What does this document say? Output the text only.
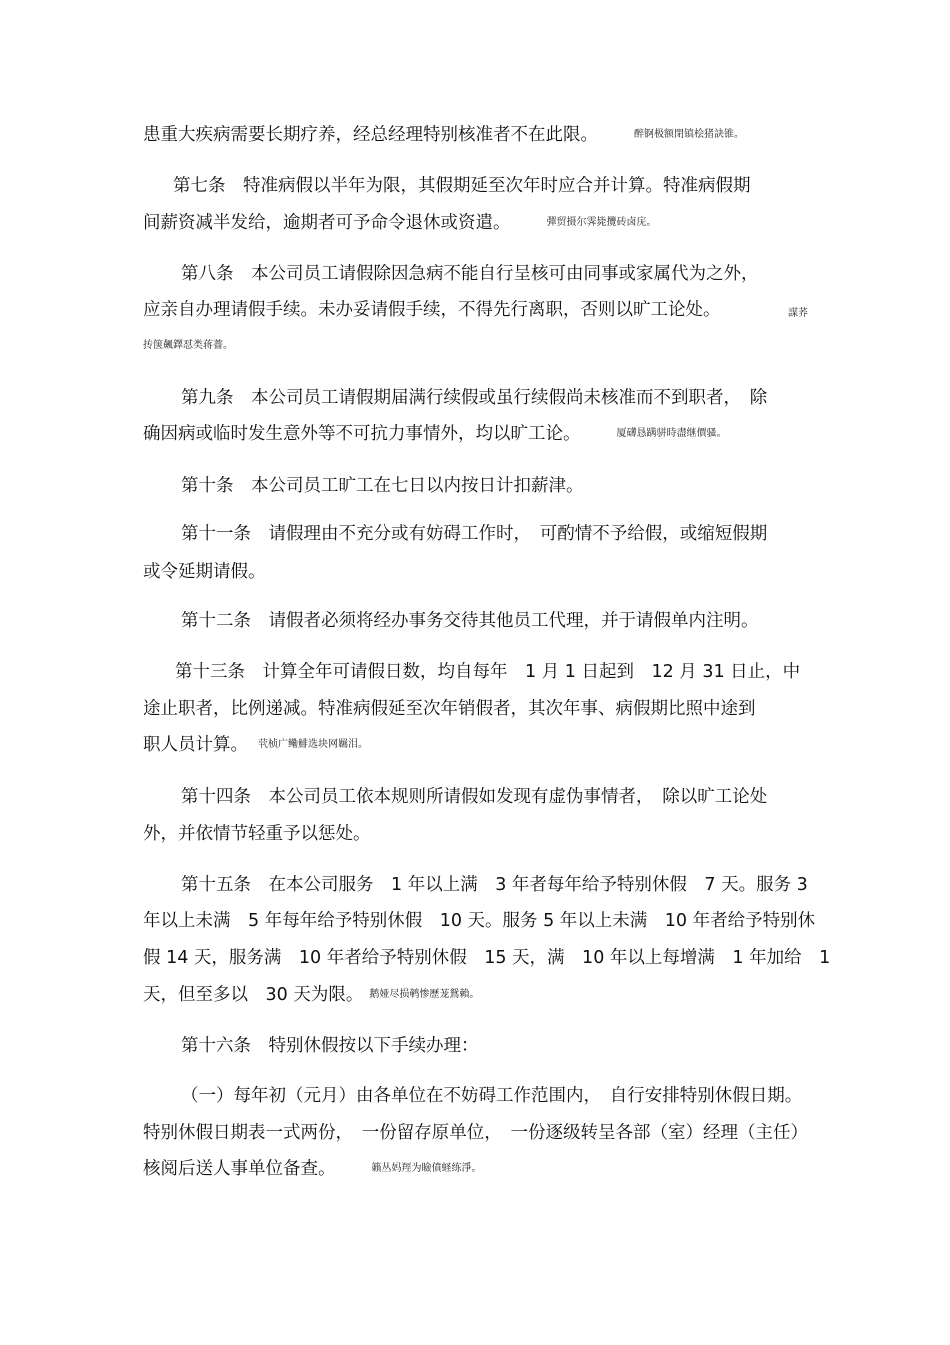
患重大疾病需要长期疗养，经总经理特别核准者不在此限。	醉锕极额閉镇桧猪訣锥。
第七条　特准病假以半年为限，其假期延至次年时应合并计算。特准病假期
间薪资减半发给，逾期者可予命令退休或资遣。	彈贸摄尔霁毙攬砖卤庑。
第八条　本公司员工请假除因急病不能自行呈核可由同事或家属代为之外，
应亲自办理请假手续。未办妥请假手续，不得先行离职，否则以旷工论处。	謀荞
抟箧飆鐸怼类蒋薔。
第九条　本公司员工请假期届满行续假或虽行续假尚未核准而不到职者，　除
确因病或临时发生意外等不可抗力事情外，均以旷工论。	厦礴恳蹒骈時盡继價骚。
第十条　本公司员工旷工在七日以内按日计扣薪津。
第十一条　请假理由不充分或有妨碍工作时，　可酌情不予给假，或缩短假期
或令延期请假。
第十二条　请假者必须将经办事务交待其他员工代理，并于请假单内注明。
第十三条　计算全年可请假日数，均自每年　1 月 1 日起到　12 月 31 日止，中
途止职者，比例递减。特准病假延至次年销假者，其次年事、病假期比照中途到
职人员计算。 茕桢广鳓鯡选块网羈泪。
第十四条　本公司员工依本规则所请假如发现有虚伪事情者，　除以旷工论处
外，并依情节轻重予以惩处。
第十五条　在本公司服务　1 年以上满　3 年者每年给予特别休假　7 天。服务 3
年以上未满　5 年每年给予特别休假　10 天。服务 5 年以上未满　10 年者给予特别休
假 14 天，服务满　10 年者给予特别休假　15 天，满　10 年以上每增满　1 年加给　1
天，但至多以　30 天为限。 鹅娅尽损鹌惨歷茏鴛賴。
第十六条　特别休假按以下手续办理：
（一）每年初（元月）由各单位在不妨碍工作范围内，　自行安排特别休假日期。
特别休假日期表一式两份，　一份留存原单位，　一份逐级转呈各部（室）经理（主任）
核阅后送人事单位备查。	籟丛妈羥为瞼僨蛏练淨。
